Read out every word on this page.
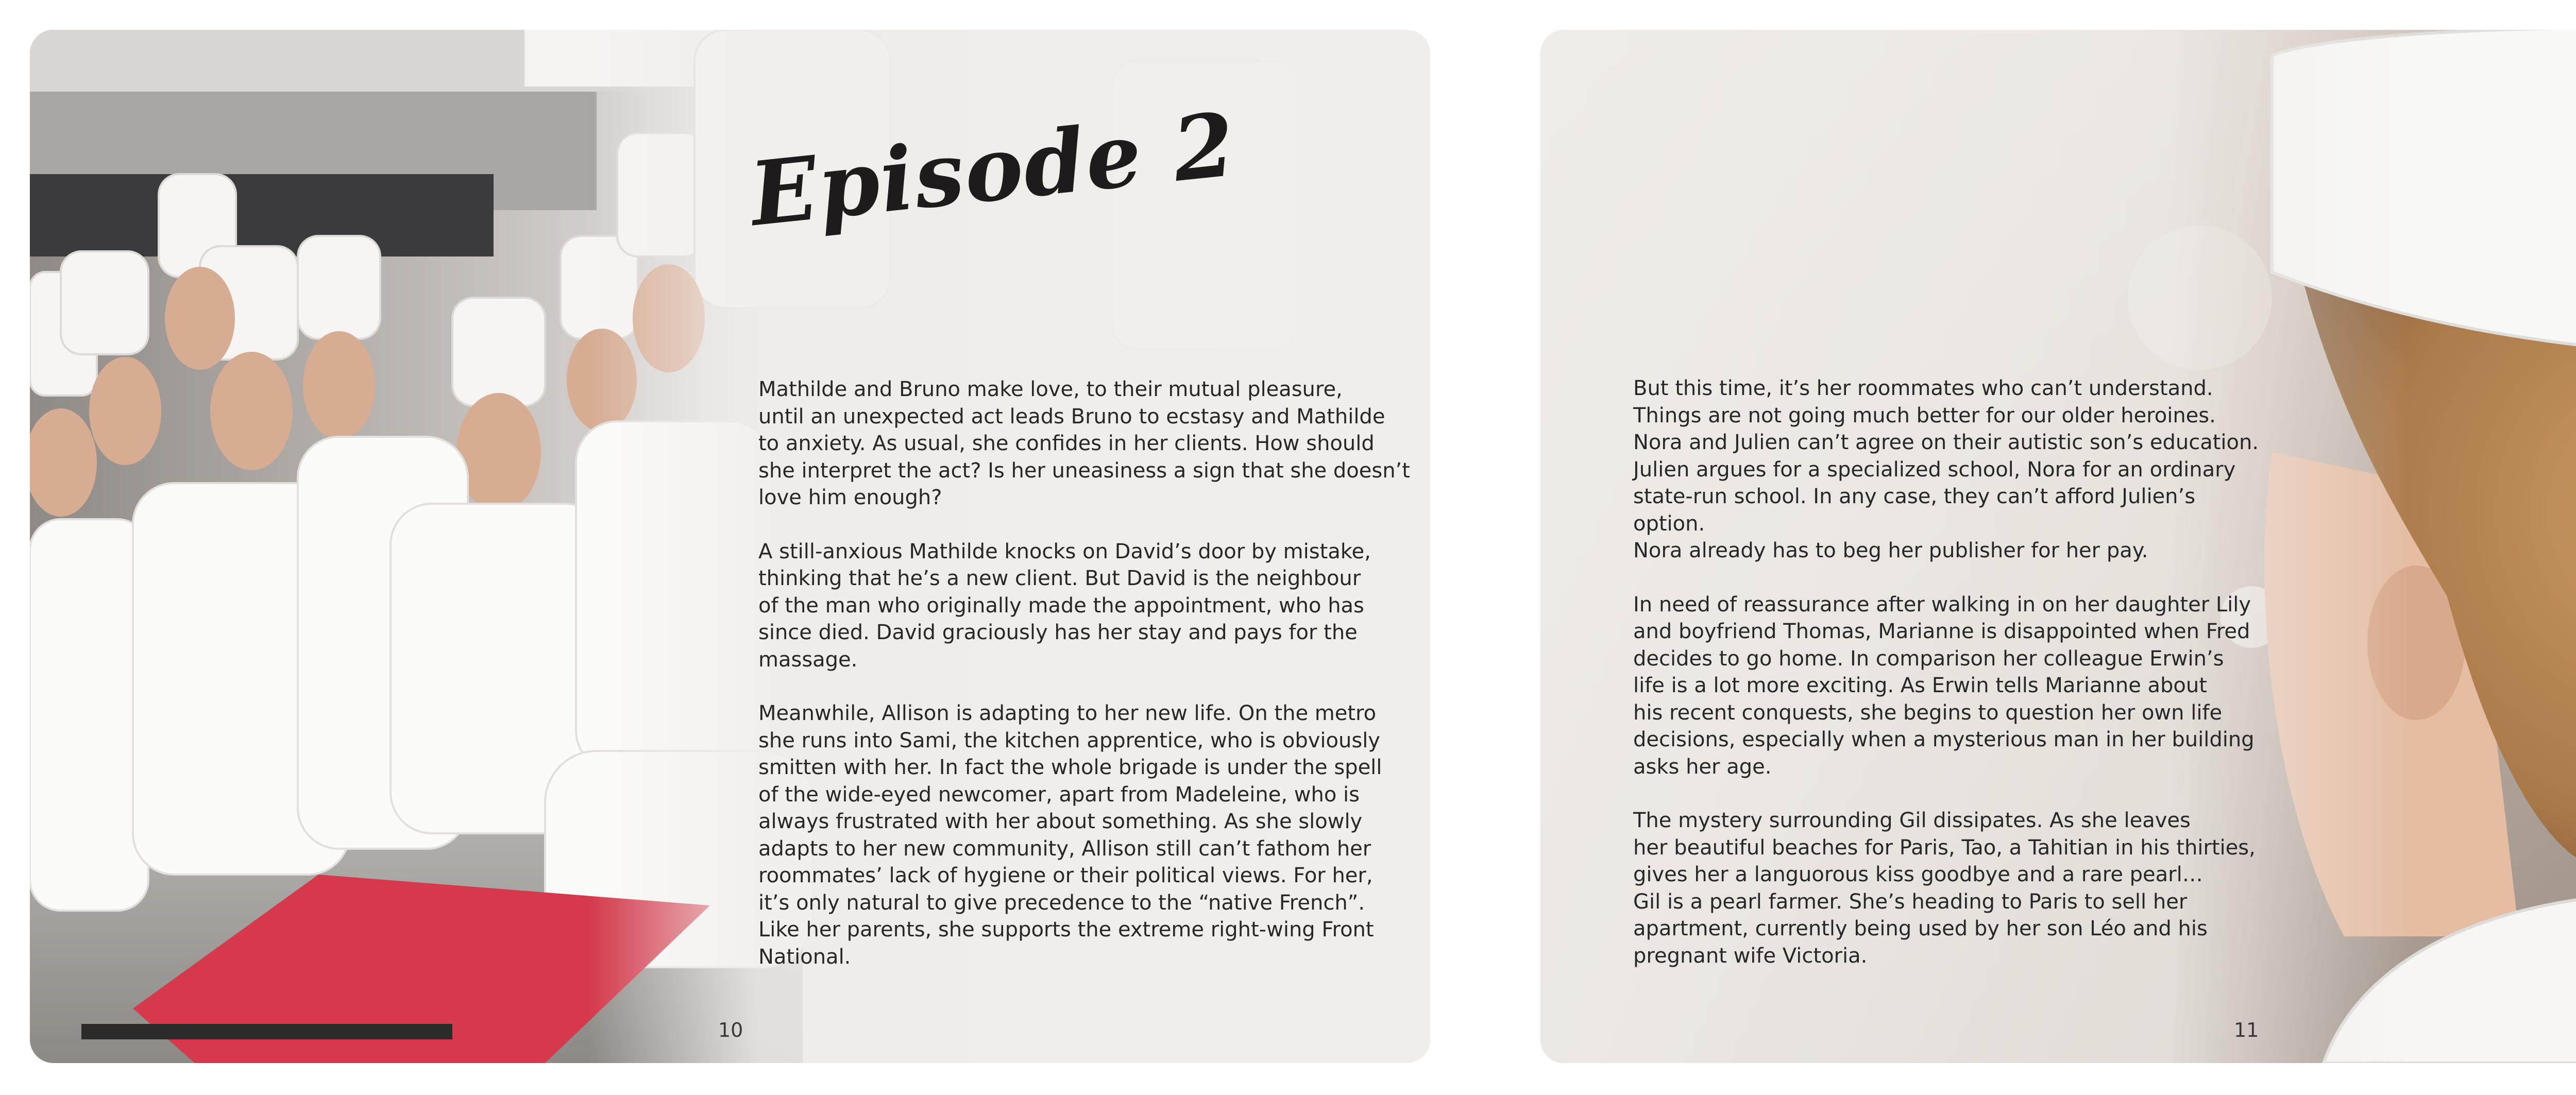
Episode 2

Mathilde and Bruno make love, to their mutual pleasure,
until an unexpected act leads Bruno to ecstasy and Mathilde
to anxiety. As usual, she confides in her clients. How should
she interpret the act? Is her uneasiness a sign that she doesn’t
love him enough?

A still-anxious Mathilde knocks on David’s door by mistake,
thinking that he’s a new client. But David is the neighbour
of the man who originally made the appointment, who has
since died. David graciously has her stay and pays for the
massage.

Meanwhile, Allison is adapting to her new life. On the metro
she runs into Sami, the kitchen apprentice, who is obviously
smitten with her. In fact the whole brigade is under the spell
of the wide-eyed newcomer, apart from Madeleine, who is
always frustrated with her about something. As she slowly
adapts to her new community, Allison still can’t fathom her
roommates’ lack of hygiene or their political views. For her,
it’s only natural to give precedence to the “native French”.
Like her parents, she supports the extreme right-wing Front
National.

10

But this time, it’s her roommates who can’t understand.
Things are not going much better for our older heroines.
Nora and Julien can’t agree on their autistic son’s education.
Julien argues for a specialized school, Nora for an ordinary
state-run school. In any case, they can’t afford Julien’s option.
Nora already has to beg her publisher for her pay.

In need of reassurance after walking in on her daughter Lily
and boyfriend Thomas, Marianne is disappointed when Fred
decides to go home. In comparison her colleague Erwin’s
life is a lot more exciting. As Erwin tells Marianne about
his recent conquests, she begins to question her own life
decisions, especially when a mysterious man in her building
asks her age.

The mystery surrounding Gil dissipates. As she leaves
her beautiful beaches for Paris, Tao, a Tahitian in his thirties,
gives her a languorous kiss goodbye and a rare pearl…
Gil is a pearl farmer. She’s heading to Paris to sell her
apartment, currently being used by her son Léo and his
pregnant wife Victoria.

11
